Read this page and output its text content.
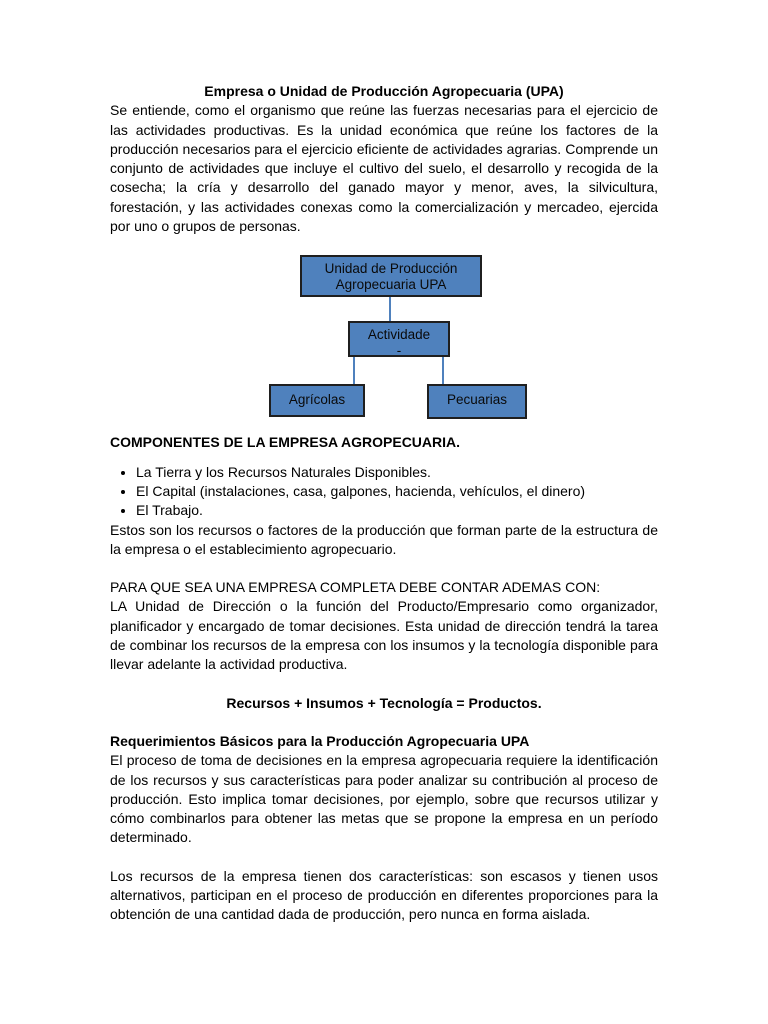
Empresa o Unidad de Producción Agropecuaria (UPA)

Se entiende, como el organismo que reúne las fuerzas necesarias para el ejercicio de las actividades productivas. Es la unidad económica que reúne los factores de la producción necesarios para el ejercicio eficiente de actividades agrarias. Comprende un conjunto de actividades que incluye el cultivo del suelo, el desarrollo y recogida de la cosecha; la cría y desarrollo del ganado mayor y menor, aves, la silvicultura, forestación, y las actividades conexas como la comercialización y mercadeo, ejercida por uno o grupos de personas.

Unidad de Producción
Agropecuaria UPA
Actividade
-
Agrícolas	Pecuarias

COMPONENTES DE LA EMPRESA AGROPECUARIA.

• La Tierra y los Recursos Naturales Disponibles.
• El Capital (instalaciones, casa, galpones, hacienda, vehículos, el dinero)
• El Trabajo.

Estos son los recursos o factores de la producción que forman parte de la estructura de la empresa o el establecimiento agropecuario.

PARA QUE SEA UNA EMPRESA COMPLETA DEBE CONTAR ADEMAS CON:

LA Unidad de Dirección o la función del Producto/Empresario como organizador, planificador y encargado de tomar decisiones. Esta unidad de dirección tendrá la tarea de combinar los recursos de la empresa con los insumos y la tecnología disponible para llevar adelante la actividad productiva.

Recursos + Insumos + Tecnología = Productos.

Requerimientos Básicos para la Producción Agropecuaria UPA

El proceso de toma de decisiones en la empresa agropecuaria requiere la identificación de los recursos y sus características para poder analizar su contribución al proceso de producción. Esto implica tomar decisiones, por ejemplo, sobre que recursos utilizar y cómo combinarlos para obtener las metas que se propone la empresa en un período determinado.

Los recursos de la empresa tienen dos características: son escasos y tienen usos alternativos, participan en el proceso de producción en diferentes proporciones para la obtención de una cantidad dada de producción, pero nunca en forma aislada.
